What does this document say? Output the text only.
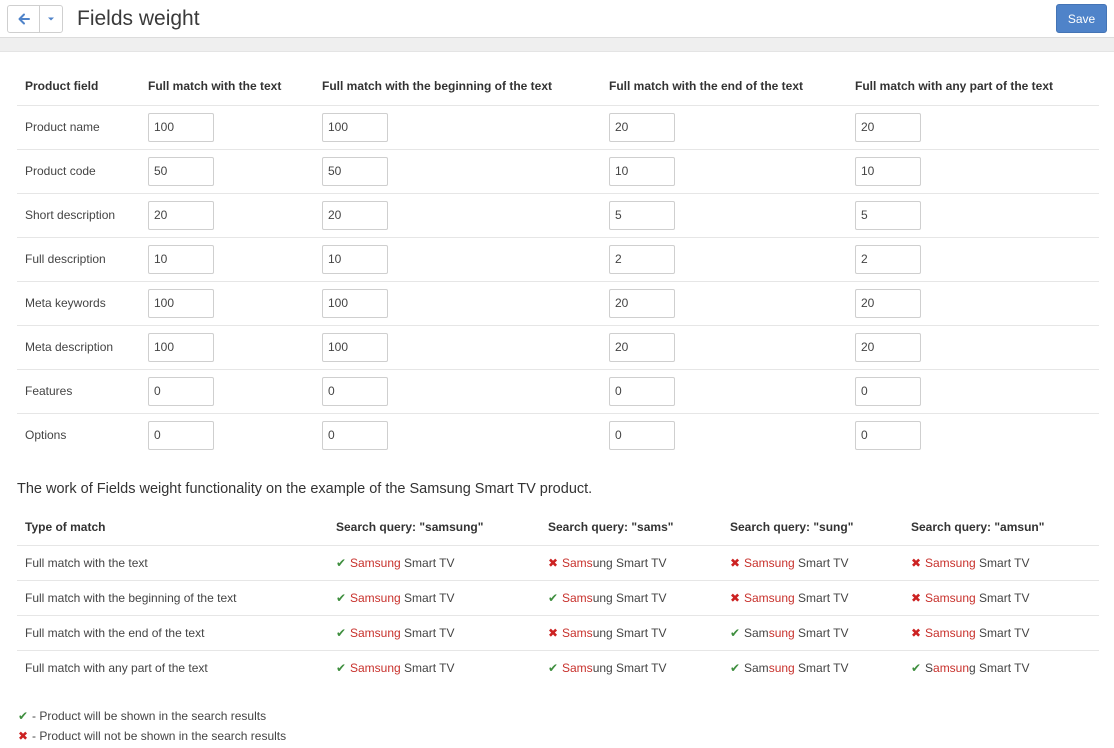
Fields weight	Save
Product field	Full match with the text	Full match with the beginning of the text	Full match with the end of the text	Full match with any part of the text
Product name	100	100	20	20
Product code	50	50	10	10
Short description	20	20	5	5
Full description	10	10	2	2
Meta keywords	100	100	20	20
Meta description	100	100	20	20
Features	0	0	0	0
Options	0	0	0	0
The work of Fields weight functionality on the example of the Samsung Smart TV product.
Type of match	Search query: "samsung"	Search query: "sams"	Search query: "sung"	Search query: "amsun"
Full match with the text	✔ Samsung Smart TV	✖ Samsung Smart TV	✖ Samsung Smart TV	✖ Samsung Smart TV
Full match with the beginning of the text	✔ Samsung Smart TV	✔ Samsung Smart TV	✖ Samsung Smart TV	✖ Samsung Smart TV
Full match with the end of the text	✔ Samsung Smart TV	✖ Samsung Smart TV	✔ Samsung Smart TV	✖ Samsung Smart TV
Full match with any part of the text	✔ Samsung Smart TV	✔ Samsung Smart TV	✔ Samsung Smart TV	✔ Samsung Smart TV
✔ - Product will be shown in the search results
✖ - Product will not be shown in the search results
